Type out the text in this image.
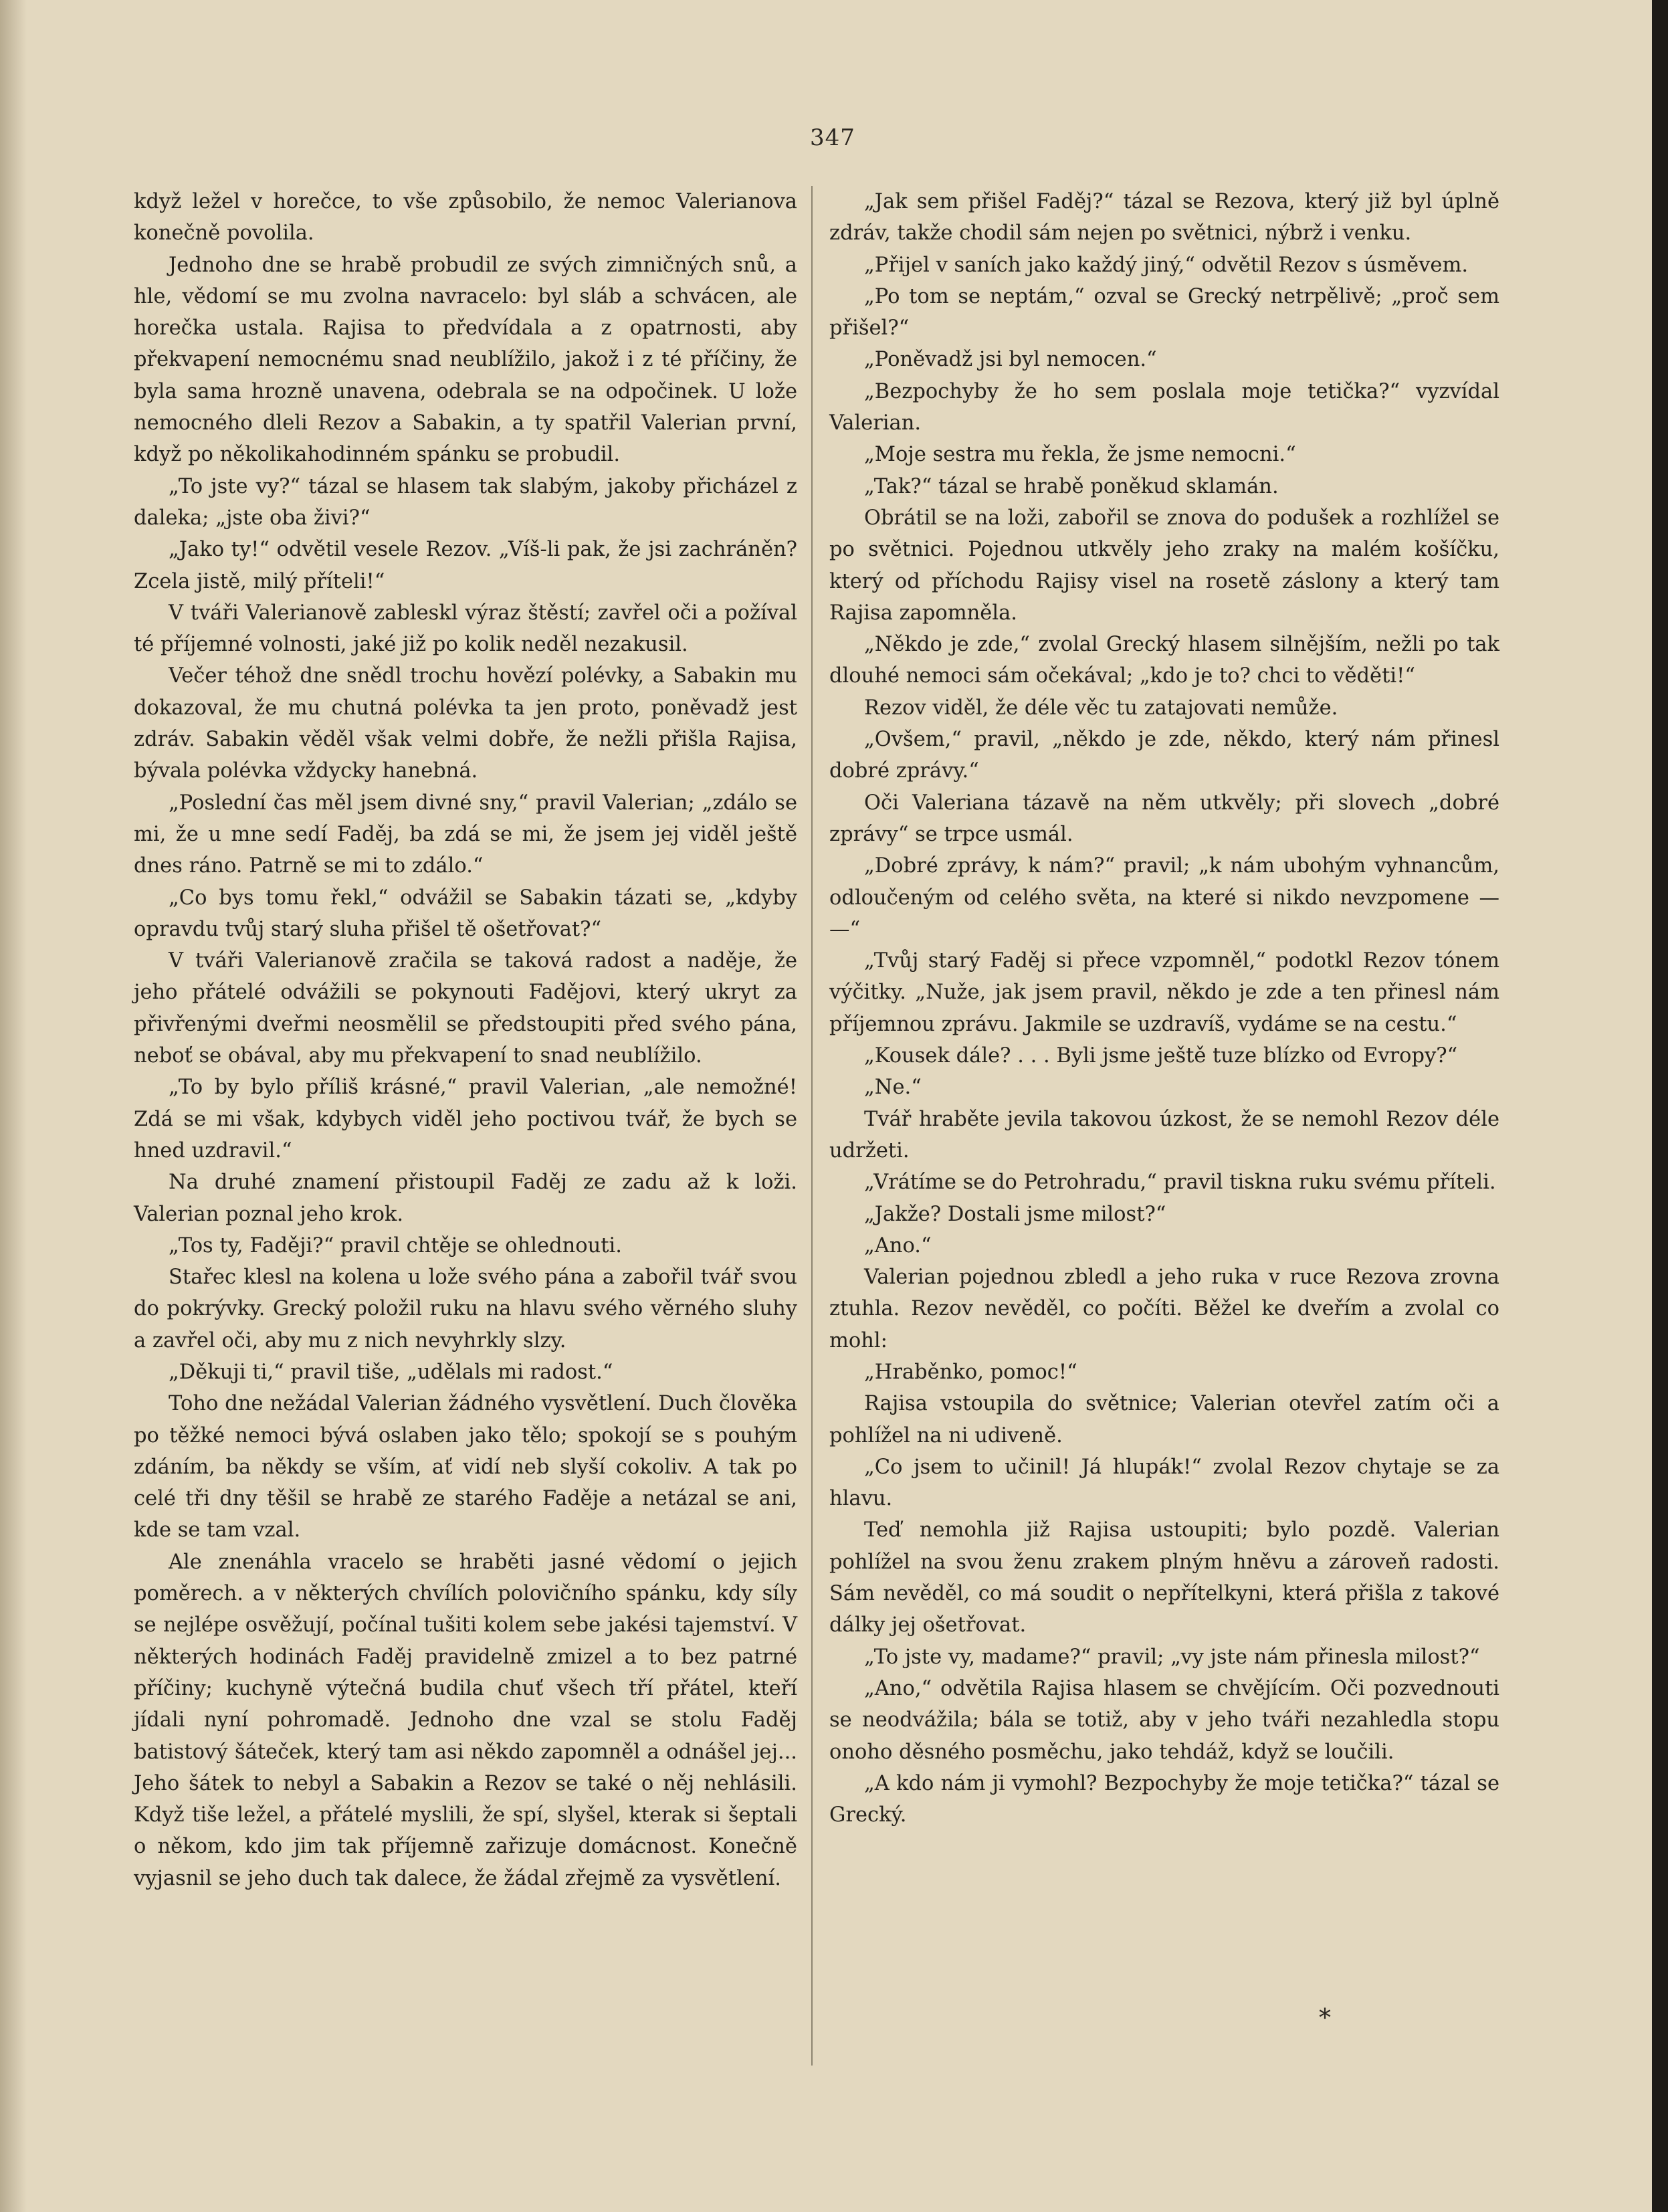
347

když ležel v horečce, to vše způsobilo, že nemoc Valerianova konečně povolila.

Jednoho dne se hrabě probudil ze svých zimničných snů, a hle, vědomí se mu zvolna navracelo: byl sláb a schvácen, ale horečka ustala. Rajisa to předvídala a z opatrnosti, aby překvapení nemocnému snad neublížilo, jakož i z té příčiny, že byla sama hrozně unavena, odebrala se na odpočinek. U lože nemocného dleli Rezov a Sabakin, a ty spatřil Valerian první, když po několikahodinném spánku se probudil.

„To jste vy?“ tázal se hlasem tak slabým, jakoby přicházel z daleka; „jste oba živi?“

„Jako ty!“ odvětil vesele Rezov. „Víš-li pak, že jsi zachráněn? Zcela jistě, milý příteli!“

V tváři Valerianově zableskl výraz štěstí; zavřel oči a požíval té příjemné volnosti, jaké již po kolik neděl nezakusil.

Večer téhož dne snědl trochu hovězí polévky, a Sabakin mu dokazoval, že mu chutná polévka ta jen proto, poněvadž jest zdráv. Sabakin věděl však velmi dobře, že nežli přišla Rajisa, bývala polévka vždycky hanebná.

„Poslední čas měl jsem divné sny,“ pravil Valerian; „zdálo se mi, že u mne sedí Faděj, ba zdá se mi, že jsem jej viděl ještě dnes ráno. Patrně se mi to zdálo.“

„Co bys tomu řekl,“ odvážil se Sabakin tázati se, „kdyby opravdu tvůj starý sluha přišel tě ošetřovat?“

V tváři Valerianově zračila se taková radost a naděje, že jeho přátelé odvážili se pokynouti Fadějovi, který ukryt za přivřenými dveřmi neosmělil se předstoupiti před svého pána, neboť se obával, aby mu překvapení to snad neublížilo.

„To by bylo příliš krásné,“ pravil Valerian, „ale nemožné! Zdá se mi však, kdybych viděl jeho poctivou tvář, že bych se hned uzdravil.“

Na druhé znamení přistoupil Faděj ze zadu až k loži. Valerian poznal jeho krok.

„Tos ty, Faději?“ pravil chtěje se ohlednouti.

Stařec klesl na kolena u lože svého pána a zabořil tvář svou do pokrývky. Grecký položil ruku na hlavu svého věrného sluhy a zavřel oči, aby mu z nich nevyhrkly slzy.

„Děkuji ti,“ pravil tiše, „udělals mi radost.“

Toho dne nežádal Valerian žádného vysvětlení. Duch člověka po těžké nemoci bývá oslaben jako tělo; spokojí se s pouhým zdáním, ba někdy se vším, ať vidí neb slyší cokoliv. A tak po celé tři dny těšil se hrabě ze starého Faděje a netázal se ani, kde se tam vzal.

Ale znenáhla vracelo se hraběti jasné vědomí o jejich poměrech. a v některých chvílích polovičního spánku, kdy síly se nejlépe osvěžují, počínal tušiti kolem sebe jakési tajemství. V některých hodinách Faděj pravidelně zmizel a to bez patrné příčiny; kuchyně výtečná budila chuť všech tří přátel, kteří jídali nyní pohromadě. Jednoho dne vzal se stolu Faděj batistový šáteček, který tam asi někdo zapomněl a odnášel jej... Jeho šátek to nebyl a Sabakin a Rezov se také o něj nehlásili. Když tiše ležel, a přátelé myslili, že spí, slyšel, kterak si šeptali o někom, kdo jim tak příjemně zařizuje domácnost. Konečně vyjasnil se jeho duch tak dalece, že žádal zřejmě za vysvětlení.

„Jak sem přišel Faděj?“ tázal se Rezova, který již byl úplně zdráv, takže chodil sám nejen po světnici, nýbrž i venku.

„Přijel v saních jako každý jiný,“ odvětil Rezov s úsměvem.

„Po tom se neptám,“ ozval se Grecký netrpělivě; „proč sem přišel?“

„Poněvadž jsi byl nemocen.“

„Bezpochyby že ho sem poslala moje tetička?“ vyzvídal Valerian.

„Moje sestra mu řekla, že jsme nemocni.“

„Tak?“ tázal se hrabě poněkud sklamán.

Obrátil se na loži, zabořil se znova do podušek a rozhlížel se po světnici. Pojednou utkvěly jeho zraky na malém košíčku, který od příchodu Rajisy visel na rosetě záslony a který tam Rajisa zapomněla.

„Někdo je zde,“ zvolal Grecký hlasem silnějším, nežli po tak dlouhé nemoci sám očekával; „kdo je to? chci to věděti!“

Rezov viděl, že déle věc tu zatajovati nemůže.

„Ovšem,“ pravil, „někdo je zde, někdo, který nám přinesl dobré zprávy.“

Oči Valeriana tázavě na něm utkvěly; při slovech „dobré zprávy“ se trpce usmál.

„Dobré zprávy, k nám?“ pravil; „k nám ubohým vyhnancům, odloučeným od celého světa, na které si nikdo nevzpomene — —“

„Tvůj starý Faděj si přece vzpomněl,“ podotkl Rezov tónem výčitky. „Nuže, jak jsem pravil, někdo je zde a ten přinesl nám příjemnou zprávu. Jakmile se uzdravíš, vydáme se na cestu.“

„Kousek dále? . . . Byli jsme ještě tuze blízko od Evropy?“

„Ne.“

Tvář hraběte jevila takovou úzkost, že se nemohl Rezov déle udržeti.

„Vrátíme se do Petrohradu,“ pravil tiskna ruku svému příteli.

„Jakže? Dostali jsme milost?“

„Ano.“

Valerian pojednou zbledl a jeho ruka v ruce Rezova zrovna ztuhla. Rezov nevěděl, co počíti. Běžel ke dveřím a zvolal co mohl:

„Hraběnko, pomoc!“

Rajisa vstoupila do světnice; Valerian otevřel zatím oči a pohlížel na ni udiveně.

„Co jsem to učinil! Já hlupák!“ zvolal Rezov chytaje se za hlavu.

Teď nemohla již Rajisa ustoupiti; bylo pozdě. Valerian pohlížel na svou ženu zrakem plným hněvu a zároveň radosti. Sám nevěděl, co má soudit o nepřítelkyni, která přišla z takové dálky jej ošetřovat.

„To jste vy, madame?“ pravil; „vy jste nám přinesla milost?“

„Ano,“ odvětila Rajisa hlasem se chvějícím. Oči pozvednouti se neodvážila; bála se totiž, aby v jeho tváři nezahledla stopu onoho děsného posměchu, jako tehdáž, když se loučili.

„A kdo nám ji vymohl? Bezpochyby že moje tetička?“ tázal se Grecký.

*
